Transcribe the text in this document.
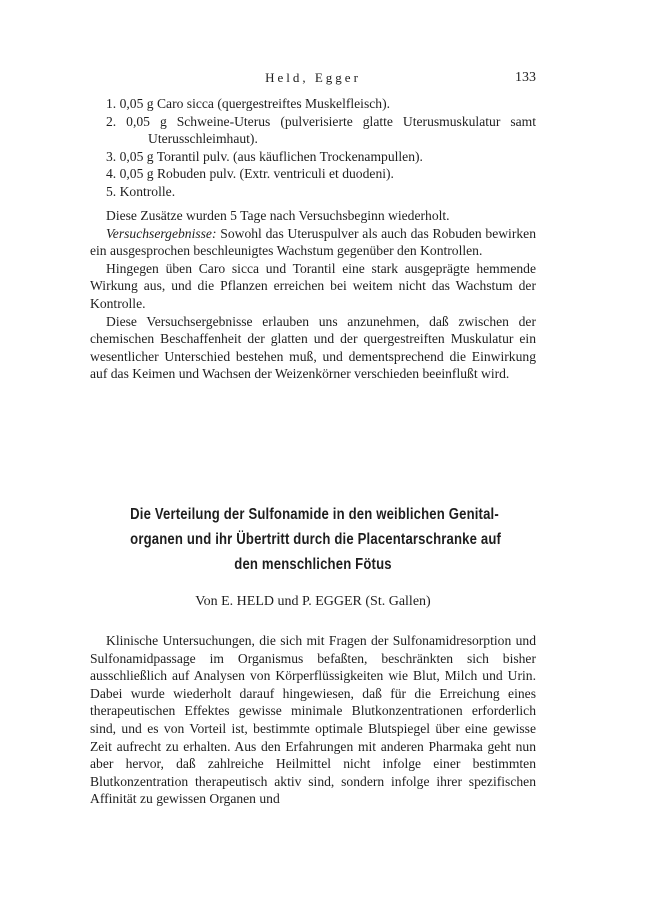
Held, Egger	133

1. 0,05 g Caro sicca (quergestreiftes Muskelfleisch).

2. 0,05 g Schweine-Uterus (pulverisierte glatte Uterusmuskulatur samt Uterusschleimhaut).

3. 0,05 g Torantil pulv. (aus käuflichen Trockenampullen).

4. 0,05 g Robuden pulv. (Extr. ventriculi et duodeni).

5. Kontrolle.

Diese Zusätze wurden 5 Tage nach Versuchsbeginn wiederholt.

Versuchsergebnisse: Sowohl das Uteruspulver als auch das Robuden bewirken ein ausgesprochen beschleunigtes Wachstum gegenüber den Kontrollen.

Hingegen üben Caro sicca und Torantil eine stark ausgeprägte hemmende Wirkung aus, und die Pflanzen erreichen bei weitem nicht das Wachstum der Kontrolle.

Diese Versuchsergebnisse erlauben uns anzunehmen, daß zwischen der chemischen Beschaffenheit der glatten und der quergestreiften Muskulatur ein wesentlicher Unterschied bestehen muß, und dementsprechend die Einwirkung auf das Keimen und Wachsen der Weizenkörner verschieden beeinflußt wird.

Die Verteilung der Sulfonamide in den weiblichen Genital-
organen und ihr Übertritt durch die Placentarschranke auf
den menschlichen Fötus
Von E. HELD und P. EGGER (St. Gallen)

Klinische Untersuchungen, die sich mit Fragen der Sulfonamidresorption und Sulfonamidpassage im Organismus befaßten, beschränkten sich bisher ausschließlich auf Analysen von Körperflüssigkeiten wie Blut, Milch und Urin. Dabei wurde wiederholt darauf hingewiesen, daß für die Erreichung eines therapeutischen Effektes gewisse minimale Blutkonzentrationen erforderlich sind, und es von Vorteil ist, bestimmte optimale Blutspiegel über eine gewisse Zeit aufrecht zu erhalten. Aus den Erfahrungen mit anderen Pharmaka geht nun aber hervor, daß zahlreiche Heilmittel nicht infolge einer bestimmten Blutkonzentration therapeutisch aktiv sind, sondern infolge ihrer spezifischen Affinität zu gewissen Organen und
